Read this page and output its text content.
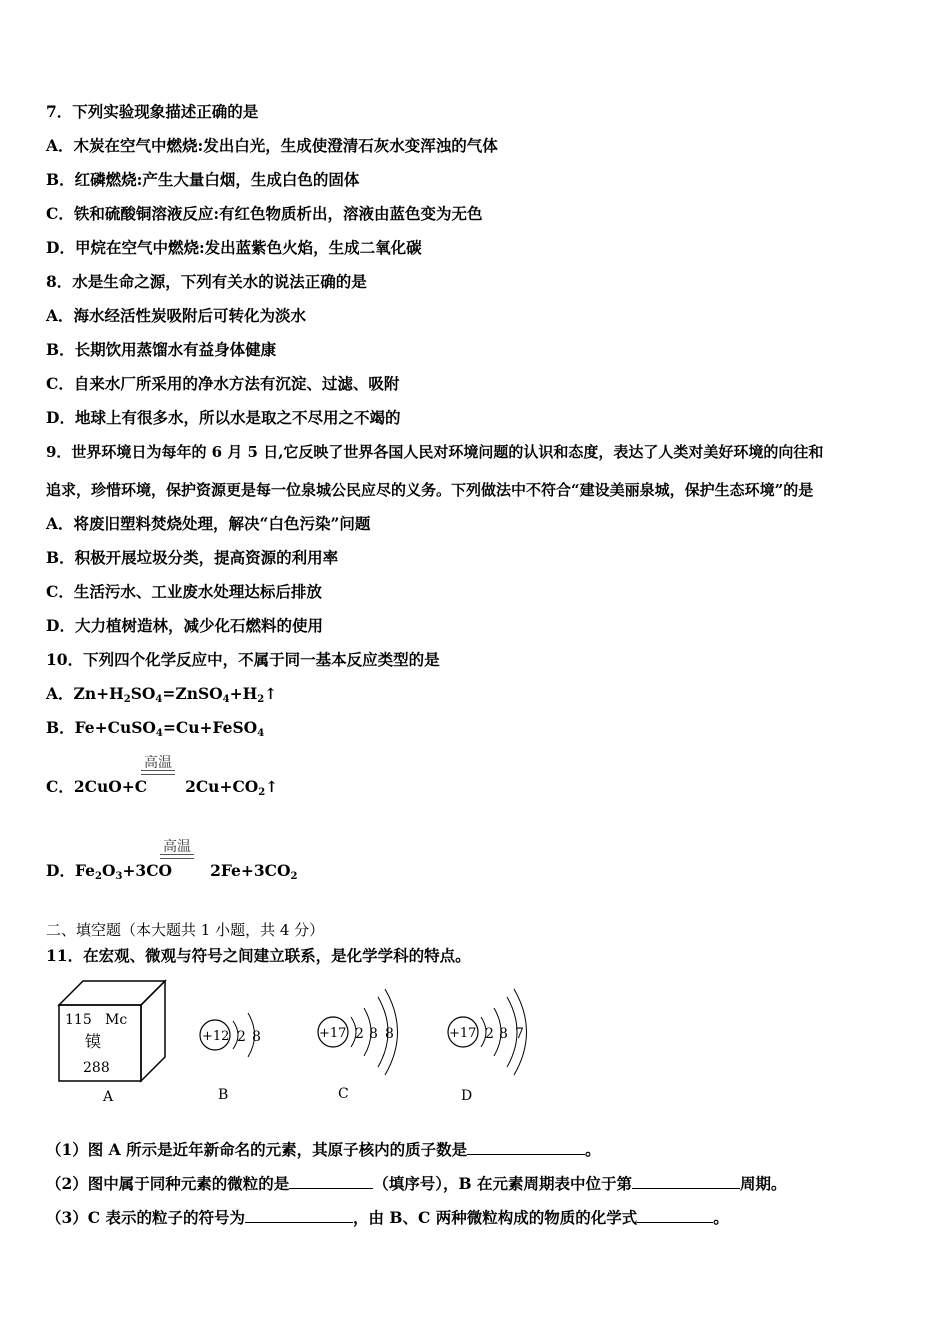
7．下列实验现象描述正确的是
A．木炭在空气中燃烧:发出白光，生成使澄清石灰水变浑浊的气体
B．红磷燃烧:产生大量白烟，生成白色的固体
C．铁和硫酸铜溶液反应:有红色物质析出，溶液由蓝色变为无色
D．甲烷在空气中燃烧:发出蓝紫色火焰，生成二氧化碳
8．水是生命之源，下列有关水的说法正确的是
A．海水经活性炭吸附后可转化为淡水
B．长期饮用蒸馏水有益身体健康
C．自来水厂所采用的净水方法有沉淀、过滤、吸附
D．地球上有很多水，所以水是取之不尽用之不竭的
9．世界环境日为每年的 6 月 5 日,它反映了世界各国人民对环境问题的认识和态度，表达了人类对美好环境的向往和
追求，珍惜环境，保护资源更是每一位泉城公民应尽的义务。下列做法中不符合“建设美丽泉城，保护生态环境”的是
A．将废旧塑料焚烧处理，解决“白色污染”问题
B．积极开展垃圾分类，提高资源的利用率
C．生活污水、工业废水处理达标后排放
D．大力植树造林，减少化石燃料的使用
10．下列四个化学反应中，不属于同一基本反应类型的是
A．$Zn+H_2SO_4=ZnSO_4+H_2↑$
B．Fe+CuSO$_4$=Cu+FeSO$_4$
C．2CuO+C $2Cu+CO_2↑$
高温
D．$Fe_2O_3+3CO$ $2Fe+3CO_2$
高温
二、填空题（本大题共 1 小题，共 4 分）
11．在宏观、微观与符号之间建立联系，是化学学科的特点。
115 Mc
镆
288
A
+12 2 8
B
+17 2 8 8
C
+17 2 8 7
D
（1）图 A 所示是近年新命名的元素，其原子核内的质子数是	。
（2）图中属于同种元素的微粒的是	（填序号），B 在元素周期表中位于第	周期。
（3）C 表示的粒子的符号为	，由 B、C 两种微粒构成的物质的化学式	。
